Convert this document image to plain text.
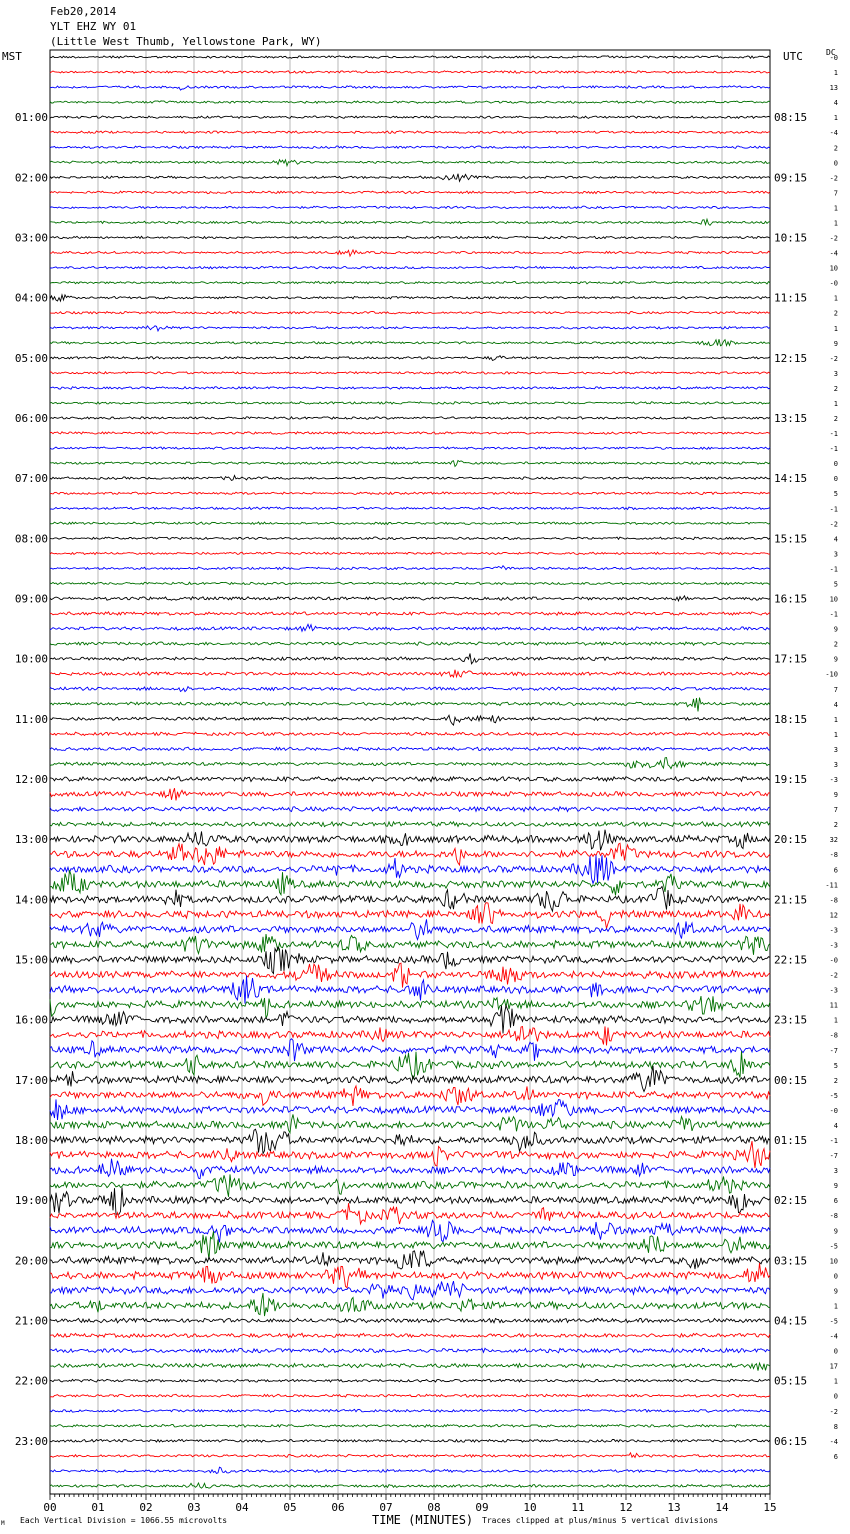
Feb20,2014
YLT EHZ WY 01
(Little West Thumb, Yellowstone Park, WY)
MST	UTC	DC
-0
1
13
4
1
-4
2
0
-2
7
1
1
-2
-4
10
-0
1
2
1
9
-2
3
2
1
2
-1
-1
0
0
5
-1
-2
4
3
-1
5
10
-1
9
2
9
-10
7
4
1
1
3
3
-3
9
7
2
32
-8
6
-11
-8
12
-3
-3
-0
-2
-3
11
1
-8
-7
5
2
-5
-0
4
-1
-7
3
9
6
-8
9
-5
10
0
9
1
-5
-4
0
17
1
0
-2
8
-4
6
01:00
02:00
03:00
04:00
05:00
06:00
07:00
08:00
09:00
10:00
11:00
12:00
13:00
14:00
15:00
16:00
17:00
18:00
19:00
20:00
21:00
22:00
23:00
08:15
09:15
10:15
11:15
12:15
13:15
14:15
15:15
16:15
17:15
18:15
19:15
20:15
21:15
22:15
23:15
00:15
01:15
02:15
03:15
04:15
05:15
06:15
TIME (MINUTES)
Each Vertical Division = 1066.55 microvolts	Traces clipped at plus/minus 5 vertical divisions
M
00	01	02	03	04	05	06	07	08	09	10	11	12	13	14	15
